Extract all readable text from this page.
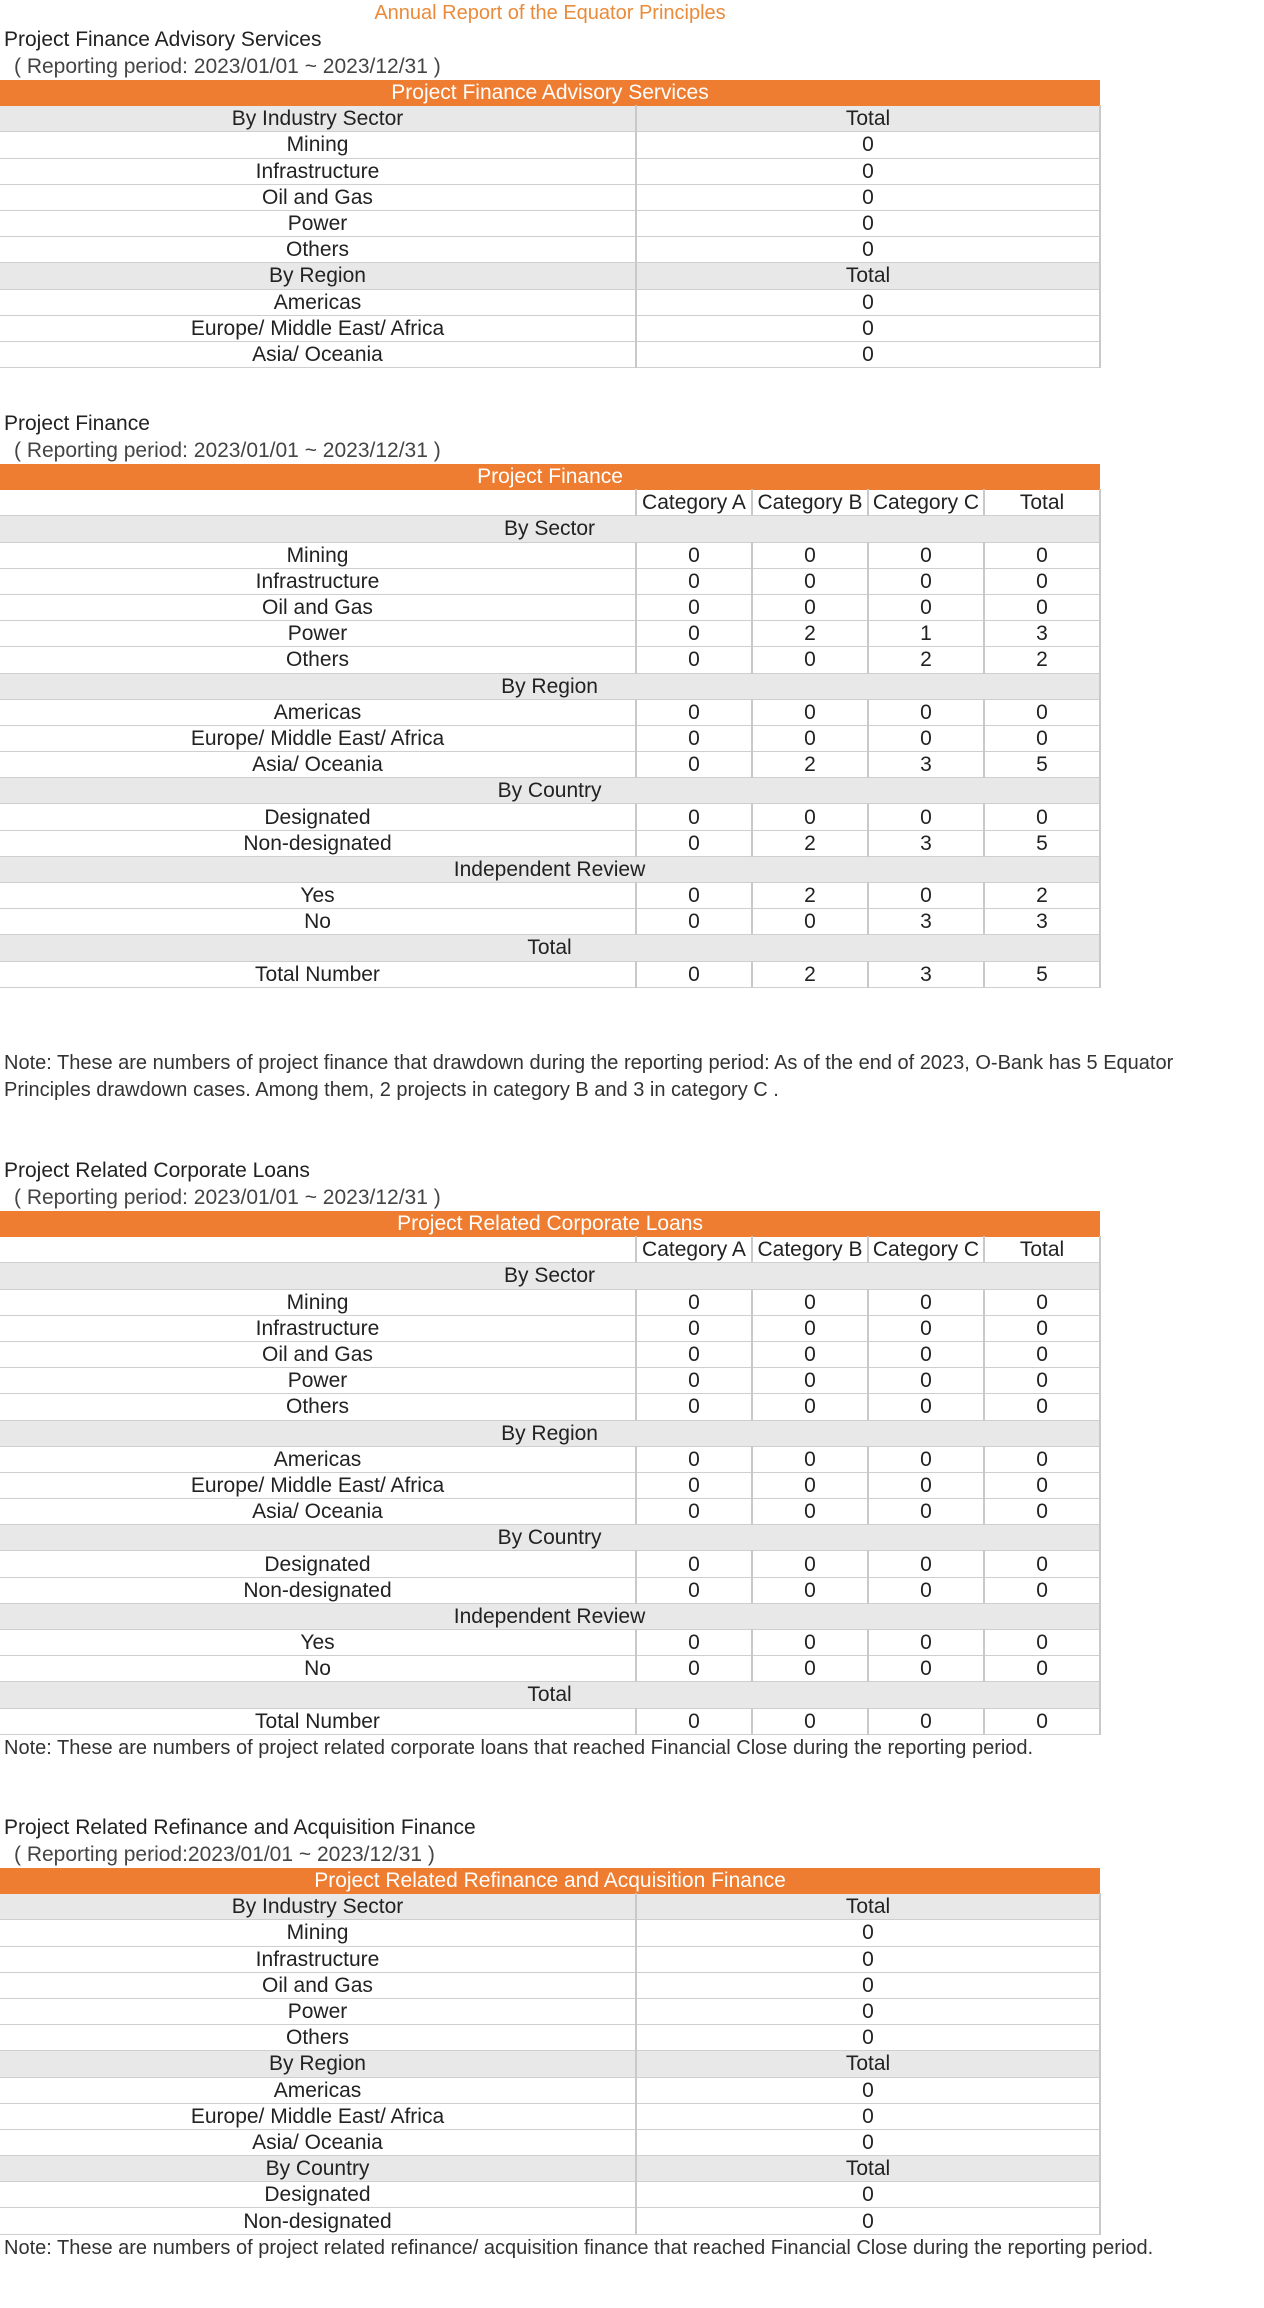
Annual Report of the Equator Principles
Project Finance Advisory Services
( Reporting period: 2023/01/01 ~ 2023/12/31 )
Project Finance Advisory Services	
By Industry Sector	Total
Mining	0
Infrastructure	0
Oil and Gas	0
Power	0
Others	0
By Region	Total
Americas	0
Europe/ Middle East/ Africa	0
Asia/ Oceania	0
Project Finance
( Reporting period: 2023/01/01 ~ 2023/12/31 )
Project Finance				
	Category A	Category B	Category C	Total
By Sector				
Mining	0	0	0	0
Infrastructure	0	0	0	0
Oil and Gas	0	0	0	0
Power	0	2	1	3
Others	0	0	2	2
By Region				
Americas	0	0	0	0
Europe/ Middle East/ Africa	0	0	0	0
Asia/ Oceania	0	2	3	5
By Country				
Designated	0	0	0	0
Non-designated	0	2	3	5
Independent Review				
Yes	0	2	0	2
No	0	0	3	3
Total				
Total Number	0	2	3	5
Note: These are numbers of project finance that drawdown during the reporting period: As of the end of 2023, O-Bank has 5 Equator Principles drawdown cases. Among them, 2 projects in category B and 3 in category C .
Project Related Corporate Loans
( Reporting period: 2023/01/01 ~ 2023/12/31 )
Project Related Corporate Loans				
	Category A	Category B	Category C	Total
By Sector				
Mining	0	0	0	0
Infrastructure	0	0	0	0
Oil and Gas	0	0	0	0
Power	0	0	0	0
Others	0	0	0	0
By Region				
Americas	0	0	0	0
Europe/ Middle East/ Africa	0	0	0	0
Asia/ Oceania	0	0	0	0
By Country				
Designated	0	0	0	0
Non-designated	0	0	0	0
Independent Review				
Yes	0	0	0	0
No	0	0	0	0
Total				
Total Number	0	0	0	0
Note: These are numbers of project related corporate loans that reached Financial Close during the reporting period.
Project Related Refinance and Acquisition Finance
( Reporting period:2023/01/01 ~ 2023/12/31 )
Project Related Refinance and Acquisition Finance	
By Industry Sector	Total
Mining	0
Infrastructure	0
Oil and Gas	0
Power	0
Others	0
By Region	Total
Americas	0
Europe/ Middle East/ Africa	0
Asia/ Oceania	0
By Country	Total
Designated	0
Non-designated	0
Note: These are numbers of project related refinance/ acquisition finance that reached Financial Close during the reporting period.
